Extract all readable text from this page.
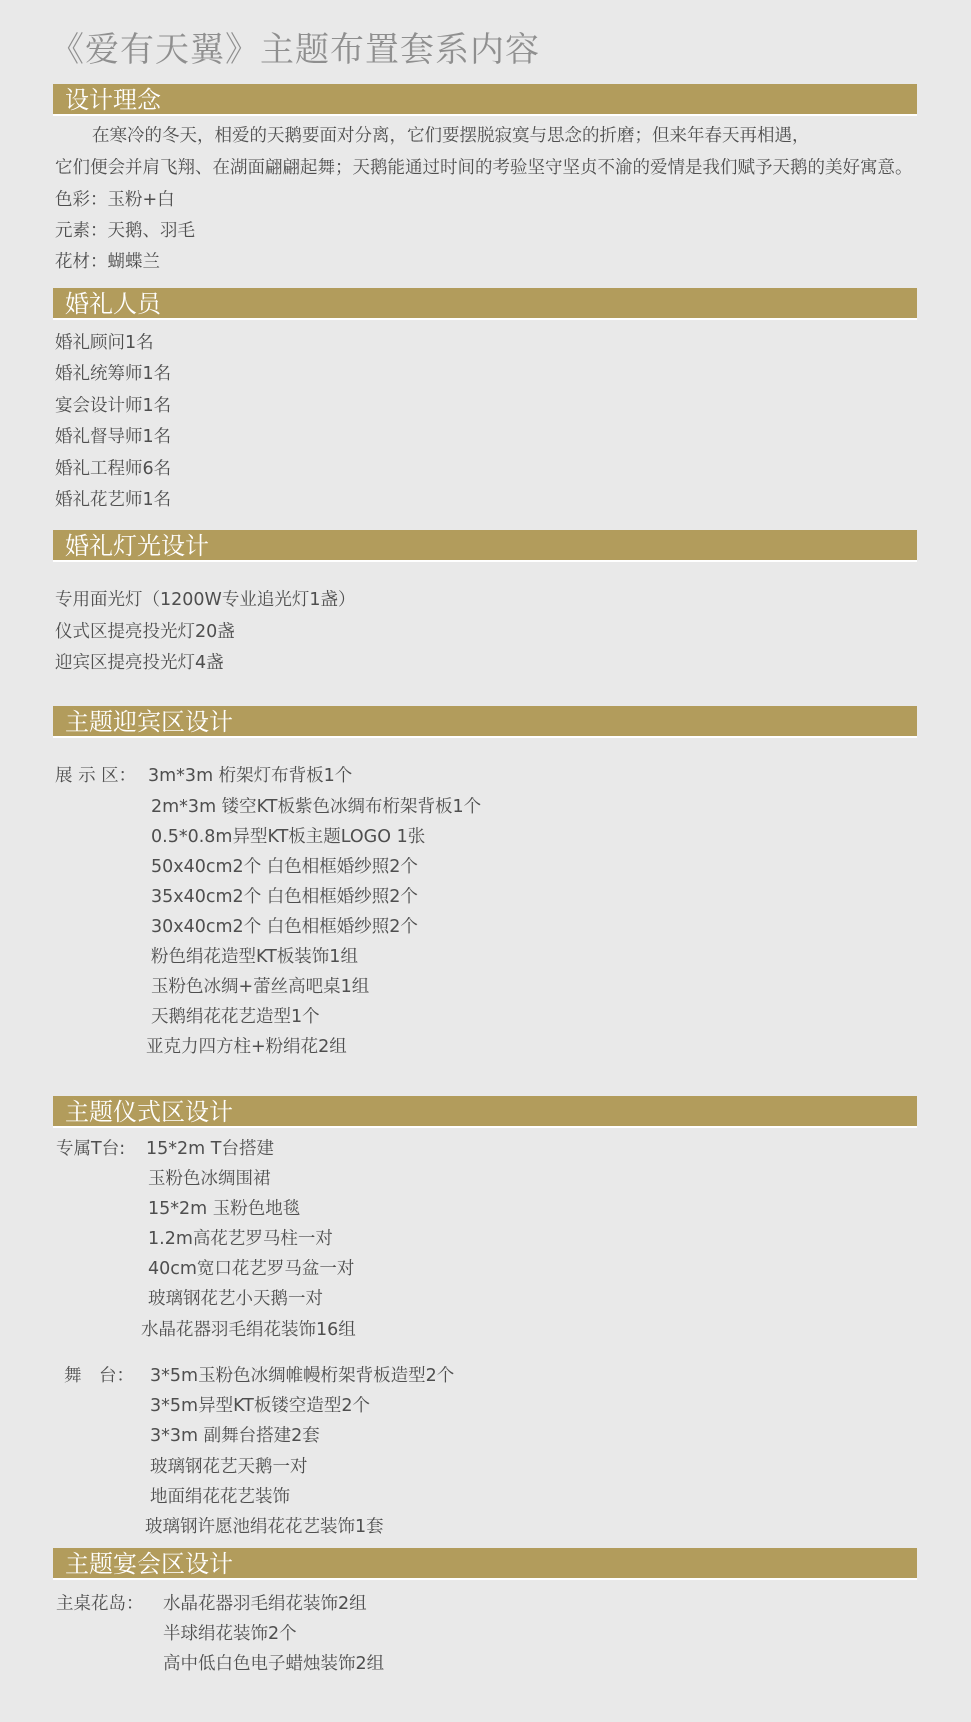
《爱有天翼》主题布置套系内容
设计理念
在寒冷的冬天，相爱的天鹅要面对分离，它们要摆脱寂寞与思念的折磨；但来年春天再相遇，
它们便会并肩飞翔、在湖面翩翩起舞；天鹅能通过时间的考验坚守坚贞不渝的爱情是我们赋予天鹅的美好寓意。
色彩：玉粉+白
元素：天鹅、羽毛
花材：蝴蝶兰
婚礼人员
婚礼顾问1名
婚礼统筹师1名
宴会设计师1名
婚礼督导师1名
婚礼工程师6名
婚礼花艺师1名
婚礼灯光设计
专用面光灯（1200W专业追光灯1盏）
仪式区提亮投光灯20盏
迎宾区提亮投光灯4盏
主题迎宾区设计
展 示 区： 3m*3m 桁架灯布背板1个
2m*3m 镂空KT板紫色冰绸布桁架背板1个
0.5*0.8m异型KT板主题LOGO 1张
50x40cm2个 白色相框婚纱照2个
35x40cm2个 白色相框婚纱照2个
30x40cm2个 白色相框婚纱照2个
粉色绢花造型KT板装饰1组
玉粉色冰绸+蕾丝高吧桌1组
天鹅绢花花艺造型1个
亚克力四方柱+粉绢花2组
主题仪式区设计
专属T台: 15*2m T台搭建
玉粉色冰绸围裙
15*2m 玉粉色地毯
1.2m高花艺罗马柱一对
40cm宽口花艺罗马盆一对
玻璃钢花艺小天鹅一对
水晶花器羽毛绢花装饰16组
舞　台： 3*5m玉粉色冰绸帷幔桁架背板造型2个
3*5m异型KT板镂空造型2个
3*3m 副舞台搭建2套
玻璃钢花艺天鹅一对
地面绢花花艺装饰
玻璃钢许愿池绢花花艺装饰1套
主题宴会区设计
主桌花岛： 水晶花器羽毛绢花装饰2组
半球绢花装饰2个
高中低白色电子蜡烛装饰2组
